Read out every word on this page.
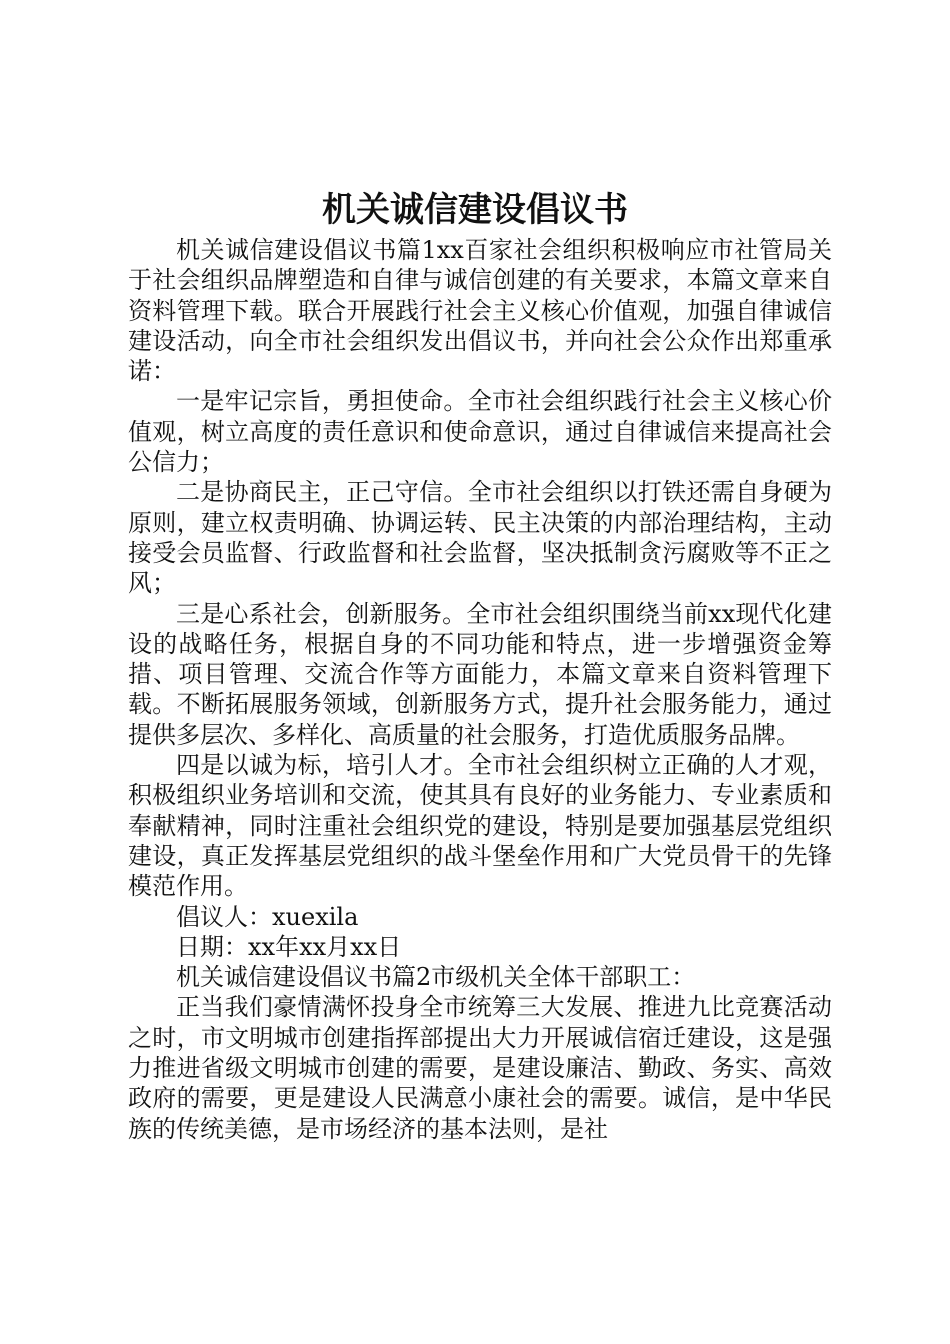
机关诚信建设倡议书

机关诚信建设倡议书篇1xx百家社会组织积极响应市社管局关于社会组织品牌塑造和自律与诚信创建的有关要求，本篇文章来自资料管理下载。联合开展践行社会主义核心价值观，加强自律诚信建设活动，向全市社会组织发出倡议书，并向社会公众作出郑重承诺：

一是牢记宗旨，勇担使命。全市社会组织践行社会主义核心价值观，树立高度的责任意识和使命意识，通过自律诚信来提高社会公信力；

二是协商民主，正己守信。全市社会组织以打铁还需自身硬为原则，建立权责明确、协调运转、民主决策的内部治理结构，主动接受会员监督、行政监督和社会监督，坚决抵制贪污腐败等不正之风；

三是心系社会，创新服务。全市社会组织围绕当前xx现代化建设的战略任务，根据自身的不同功能和特点，进一步增强资金筹措、项目管理、交流合作等方面能力，本篇文章来自资料管理下载。不断拓展服务领域，创新服务方式，提升社会服务能力，通过提供多层次、多样化、高质量的社会服务，打造优质服务品牌。

四是以诚为标，培引人才。全市社会组织树立正确的人才观，积极组织业务培训和交流，使其具有良好的业务能力、专业素质和奉献精神，同时注重社会组织党的建设，特别是要加强基层党组织建设，真正发挥基层党组织的战斗堡垒作用和广大党员骨干的先锋模范作用。

倡议人：xuexila

日期：xx年xx月xx日

机关诚信建设倡议书篇2市级机关全体干部职工：

正当我们豪情满怀投身全市统筹三大发展、推进九比竞赛活动之时，市文明城市创建指挥部提出大力开展诚信宿迁建设，这是强力推进省级文明城市创建的需要，是建设廉洁、勤政、务实、高效政府的需要，更是建设人民满意小康社会的需要。诚信，是中华民族的传统美德，是市场经济的基本法则，是社
